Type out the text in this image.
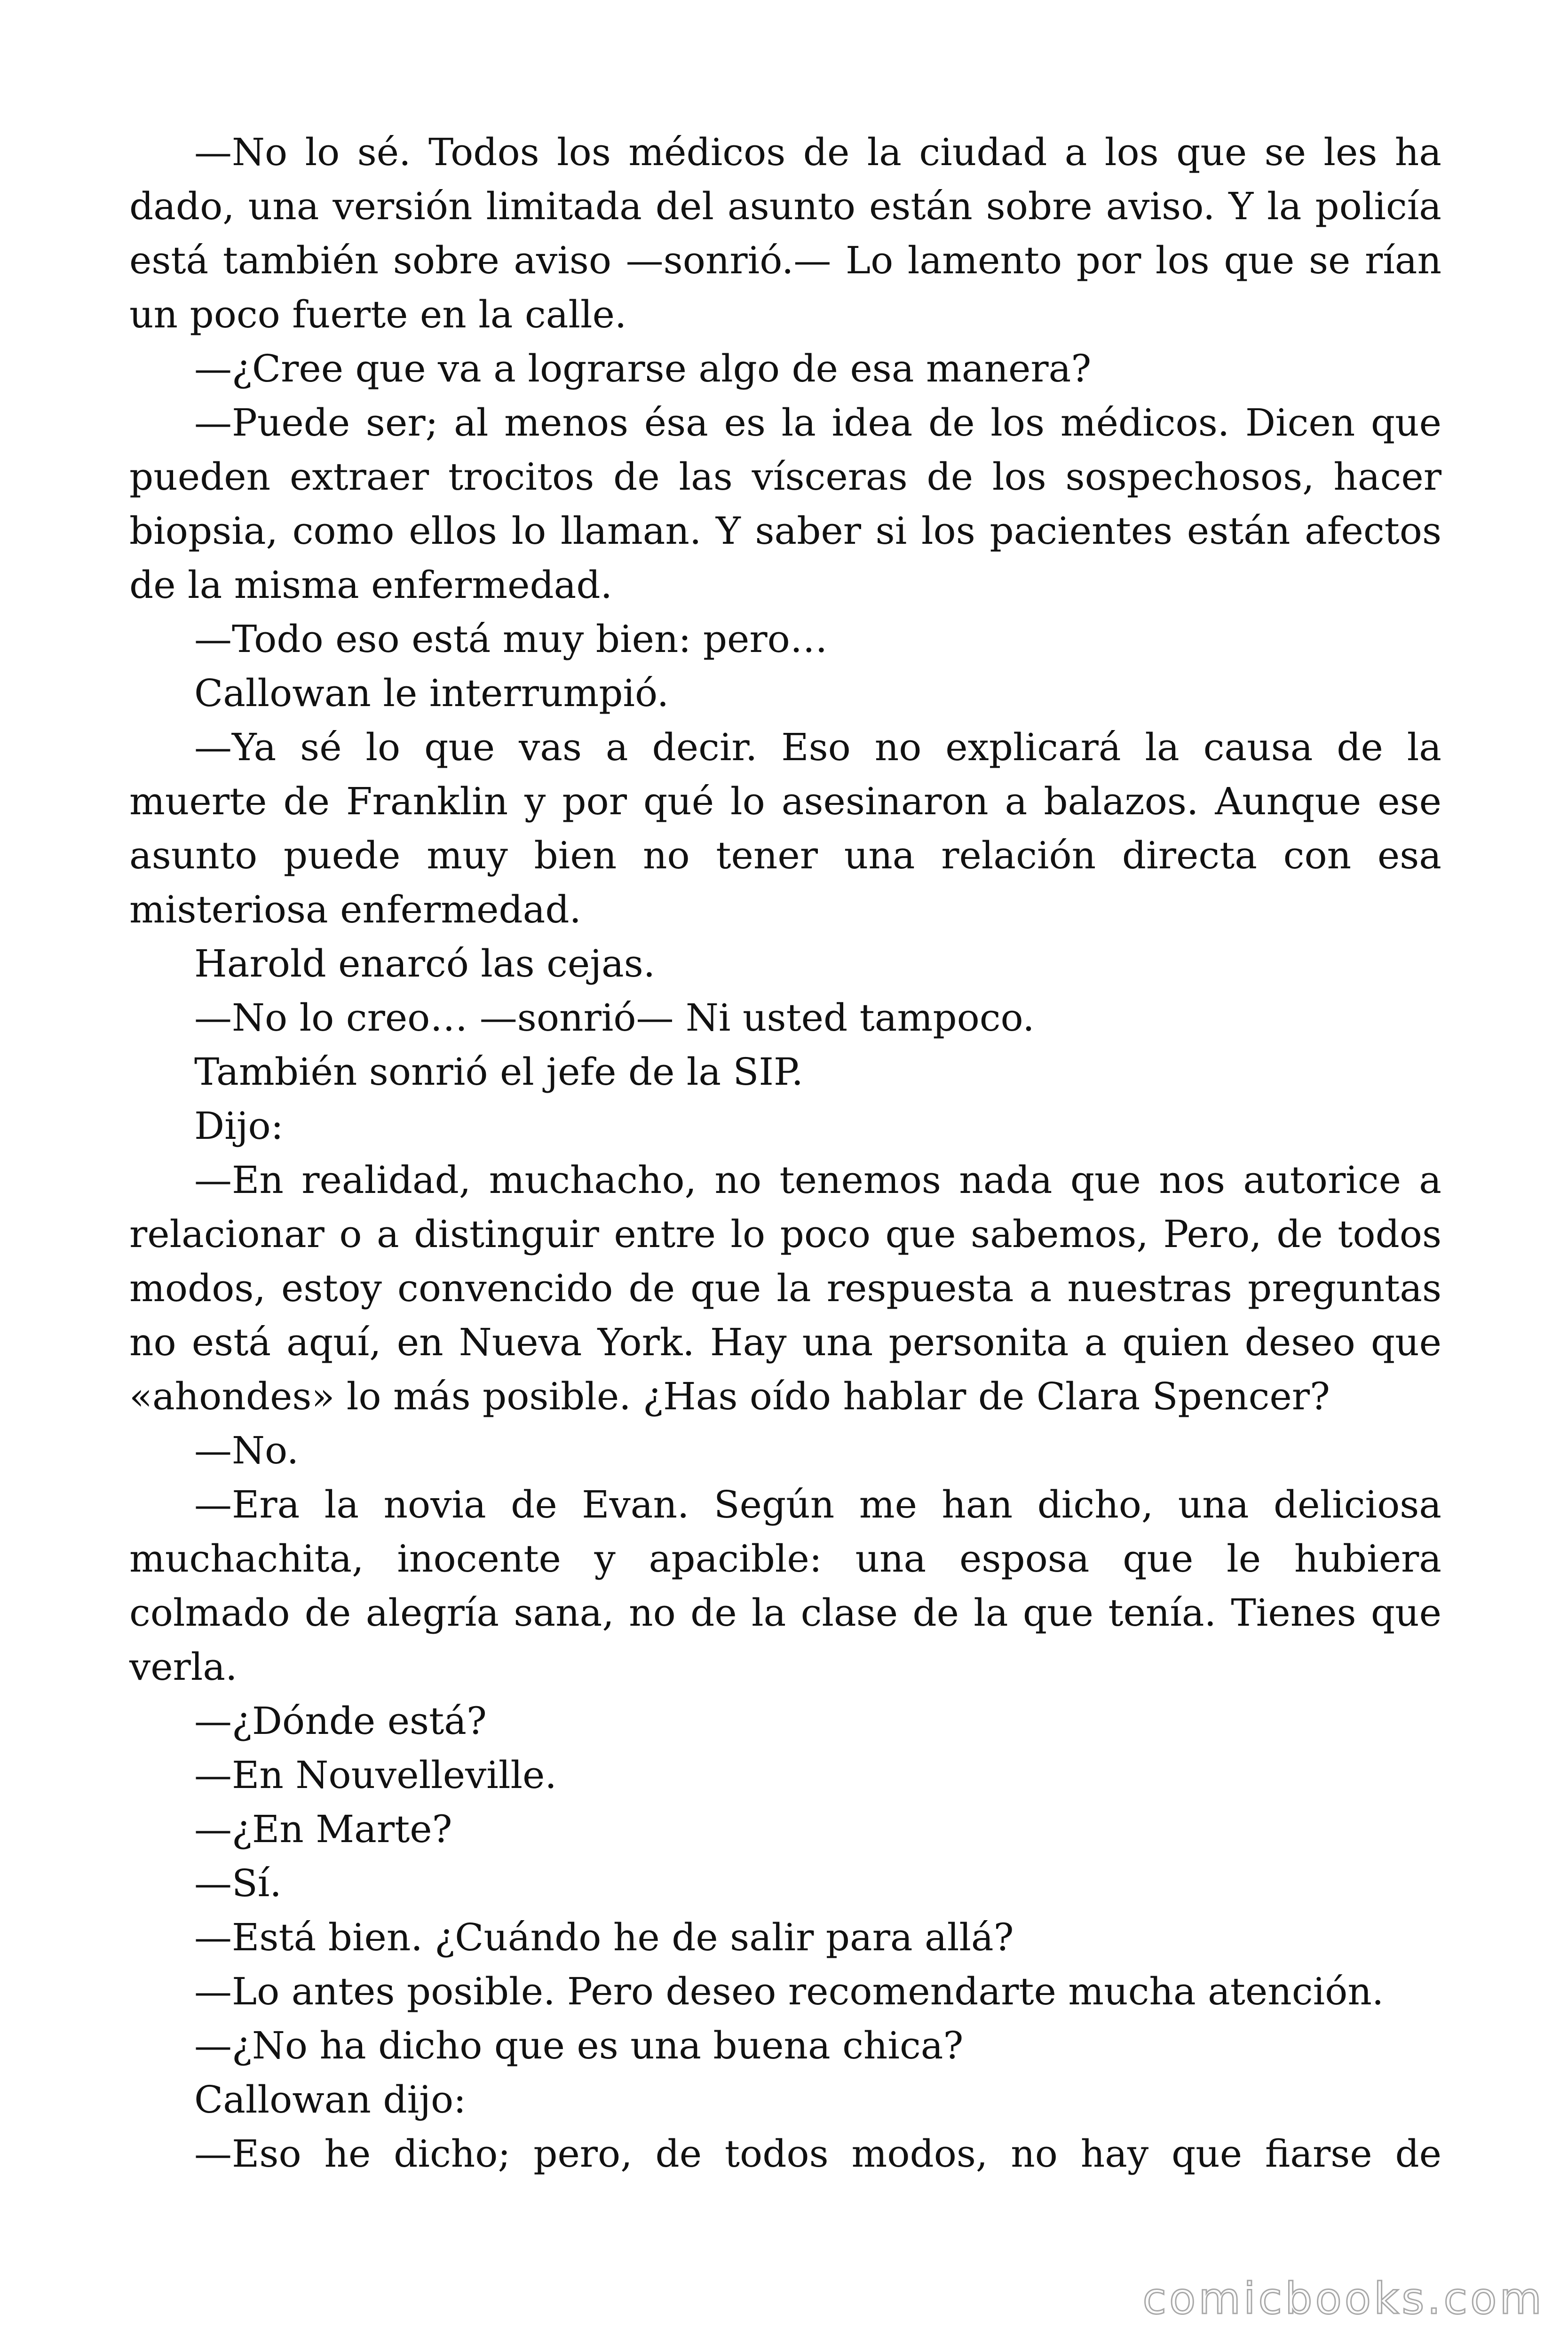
—No lo sé. Todos los médicos de la ciudad a los que se les ha
dado, una versión limitada del asunto están sobre aviso. Y la policía
está también sobre aviso —sonrió.— Lo lamento por los que se rían
un poco fuerte en la calle.
—¿Cree que va a lograrse algo de esa manera?
—Puede ser; al menos ésa es la idea de los médicos. Dicen que
pueden extraer trocitos de las vísceras de los sospechosos, hacer
biopsia, como ellos lo llaman. Y saber si los pacientes están afectos
de la misma enfermedad.
—Todo eso está muy bien: pero…
Callowan le interrumpió.
—Ya sé lo que vas a decir. Eso no explicará la causa de la
muerte de Franklin y por qué lo asesinaron a balazos. Aunque ese
asunto puede muy bien no tener una relación directa con esa
misteriosa enfermedad.
Harold enarcó las cejas.
—No lo creo… —sonrió— Ni usted tampoco.
También sonrió el jefe de la SIP.
Dijo:
—En realidad, muchacho, no tenemos nada que nos autorice a
relacionar o a distinguir entre lo poco que sabemos, Pero, de todos
modos, estoy convencido de que la respuesta a nuestras preguntas
no está aquí, en Nueva York. Hay una personita a quien deseo que
«ahondes» lo más posible. ¿Has oído hablar de Clara Spencer?
—No.
—Era la novia de Evan. Según me han dicho, una deliciosa
muchachita, inocente y apacible: una esposa que le hubiera
colmado de alegría sana, no de la clase de la que tenía. Tienes que
verla.
—¿Dónde está?
—En Nouvelleville.
—¿En Marte?
—Sí.
—Está bien. ¿Cuándo he de salir para allá?
—Lo antes posible. Pero deseo recomendarte mucha atención.
—¿No ha dicho que es una buena chica?
Callowan dijo:
—Eso he dicho; pero, de todos modos, no hay que fiarse de
comicbooks.com
